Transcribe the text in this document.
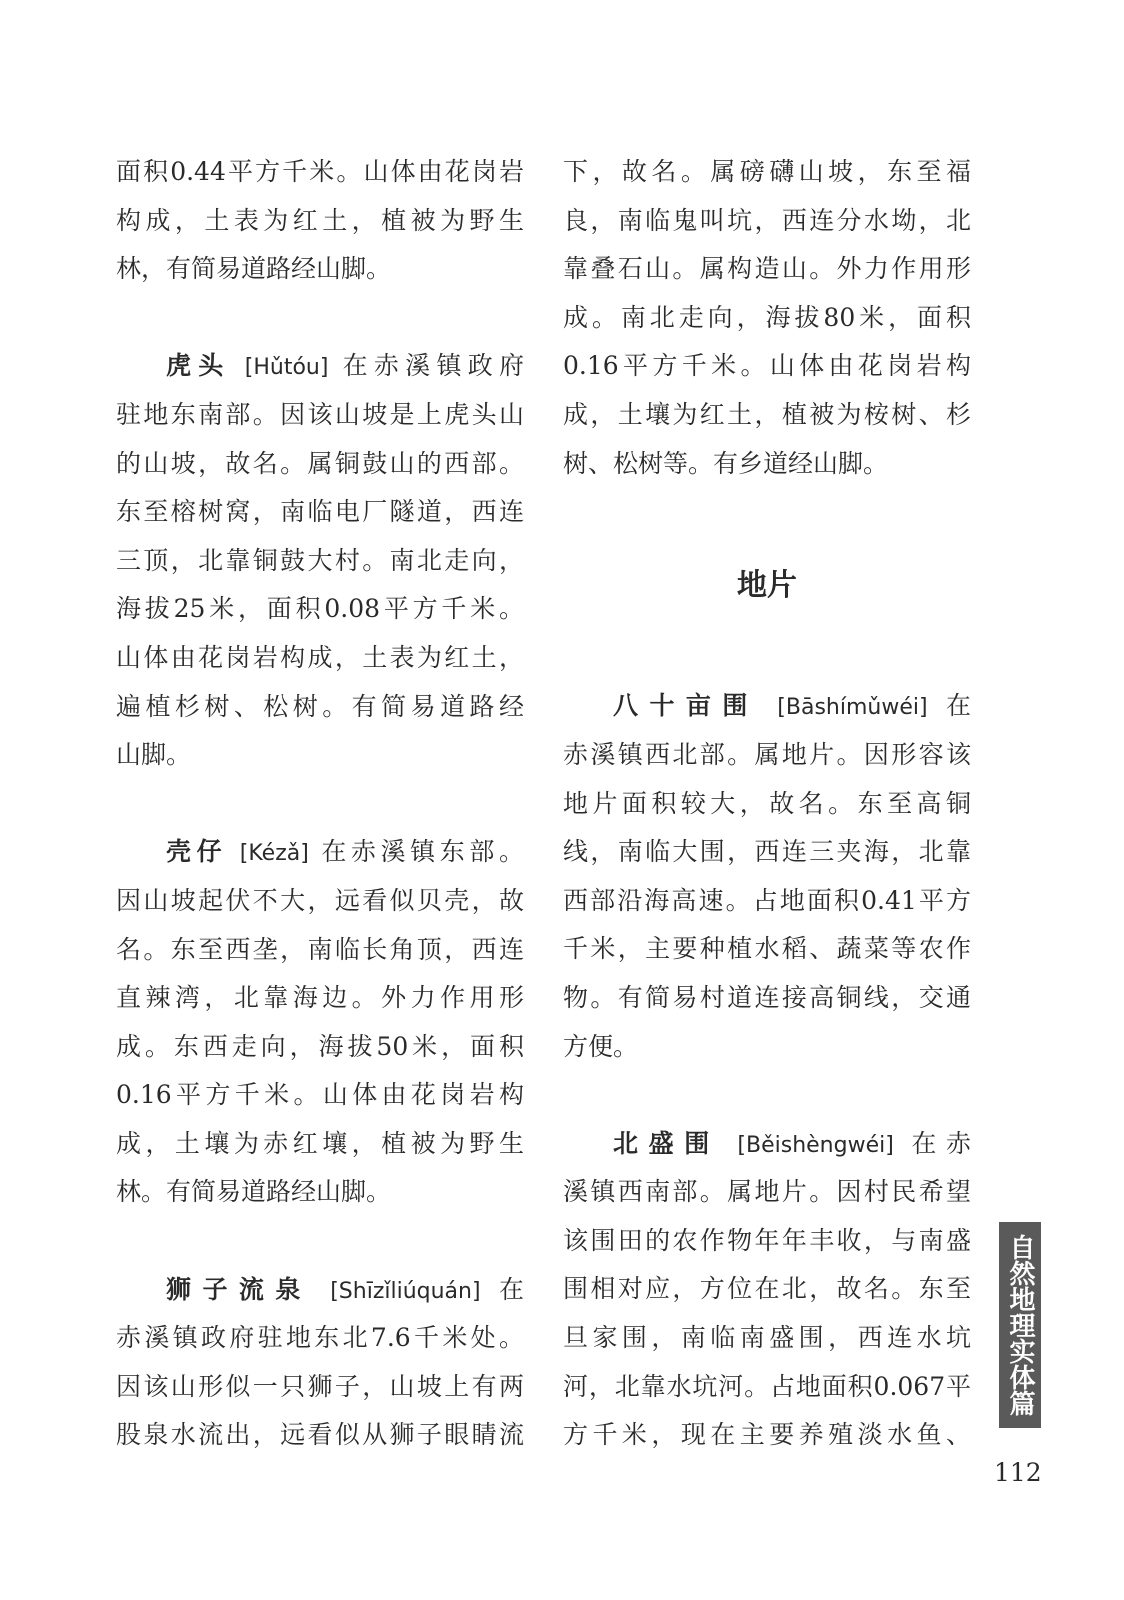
面积0.44平方千米。山体由花岗岩
构成，土表为红土，植被为野生
林，有简易道路经山脚。
虎头 [Hǔtóu] 在赤溪镇政府
驻地东南部。因该山坡是上虎头山
的山坡，故名。属铜鼓山的西部。
东至榕树窝，南临电厂隧道，西连
三顶，北靠铜鼓大村。南北走向，
海拔25米，面积0.08平方千米。
山体由花岗岩构成，土表为红土，
遍植杉树、松树。有简易道路经
山脚。
壳仔 [Kézǎ] 在赤溪镇东部。
因山坡起伏不大，远看似贝壳，故
名。东至西垄，南临长角顶，西连
直辣湾，北靠海边。外力作用形
成。东西走向，海拔50米，面积
0.16平方千米。山体由花岗岩构
成，土壤为赤红壤，植被为野生
林。有简易道路经山脚。
狮子流泉 [Shīzǐliúquán] 在
赤溪镇政府驻地东北7.6千米处。
因该山形似一只狮子，山坡上有两
股泉水流出，远看似从狮子眼睛流
下，故名。属磅礴山坡，东至福
良，南临鬼叫坑，西连分水坳，北
靠叠石山。属构造山。外力作用形
成。南北走向，海拔80米，面积
0.16平方千米。山体由花岗岩构
成，土壤为红土，植被为桉树、杉
树、松树等。有乡道经山脚。
地片
八十亩围 [Bāshímǔwéi] 在
赤溪镇西北部。属地片。因形容该
地片面积较大，故名。东至高铜
线，南临大围，西连三夹海，北靠
西部沿海高速。占地面积0.41平方
千米，主要种植水稻、蔬菜等农作
物。有简易村道连接高铜线，交通
方便。
北盛围 [Běishèngwéi] 在赤
溪镇西南部。属地片。因村民希望
该围田的农作物年年丰收，与南盛
围相对应，方位在北，故名。东至
旦家围，南临南盛围，西连水坑
河，北靠水坑河。占地面积0.067平
方千米，现在主要养殖淡水鱼、
自然地理实体篇
112
